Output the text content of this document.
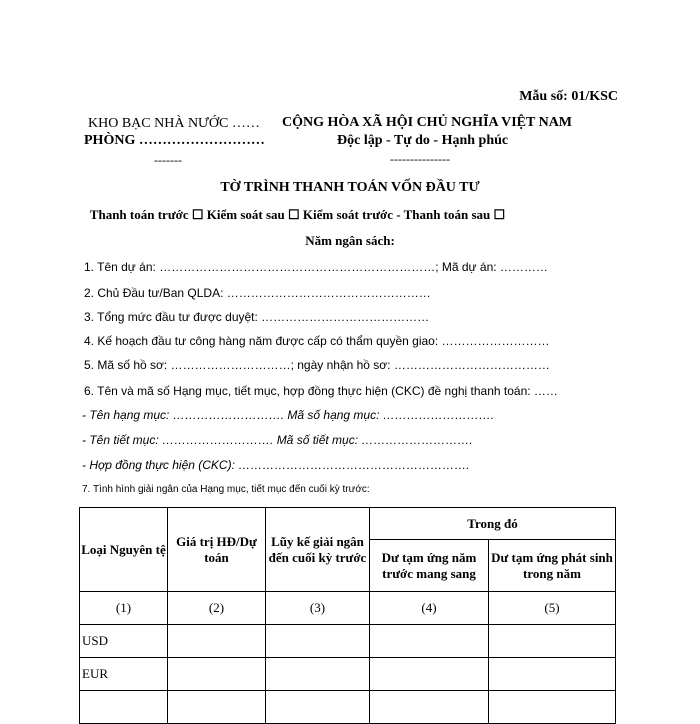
Mẫu số: 01/KSC
KHO BẠC NHÀ NƯỚC ……
PHÒNG ………………………
-------
CỘNG HÒA XÃ HỘI CHỦ NGHĨA VIỆT NAM
Độc lập - Tự do - Hạnh phúc
---------------
TỜ TRÌNH THANH TOÁN VỐN ĐẦU TƯ
Thanh toán trước ☐ Kiểm soát sau ☐ Kiểm soát trước - Thanh toán sau ☐
Năm ngân sách:
1. Tên dự án: ……………………………………………………………; Mã dự án: …………
2. Chủ Đầu tư/Ban QLDA: ……………………………………………
3. Tổng mức đầu tư được duyệt: ……………………………………
4. Kế hoạch đầu tư công hàng năm được cấp có thẩm quyền giao: ………………………
5. Mã số hồ sơ: …………………………; ngày nhận hồ sơ: …………………………………
6. Tên và mã số Hạng mục, tiết mục, hợp đồng thực hiện (CKC) đề nghị thanh toán: ……
- Tên hạng mục: ………………………. Mã số hạng mục: ……………………….
- Tên tiết mục: ………………………. Mã số tiết mục: ……………………….
- Hợp đồng thực hiện (CKC): ………………………………………………….
7. Tình hình giải ngân của Hạng mục, tiết mục đến cuối kỳ trước:
Loại Nguyên tệ	Giá trị HĐ/Dự toán	Lũy kế giải ngân đến cuối kỳ trước	Trong đó	
			Dư tạm ứng năm trước mang sang	Dư tạm ứng phát sinh trong năm
(1)	(2)	(3)	(4)	(5)
USD				
EUR				
